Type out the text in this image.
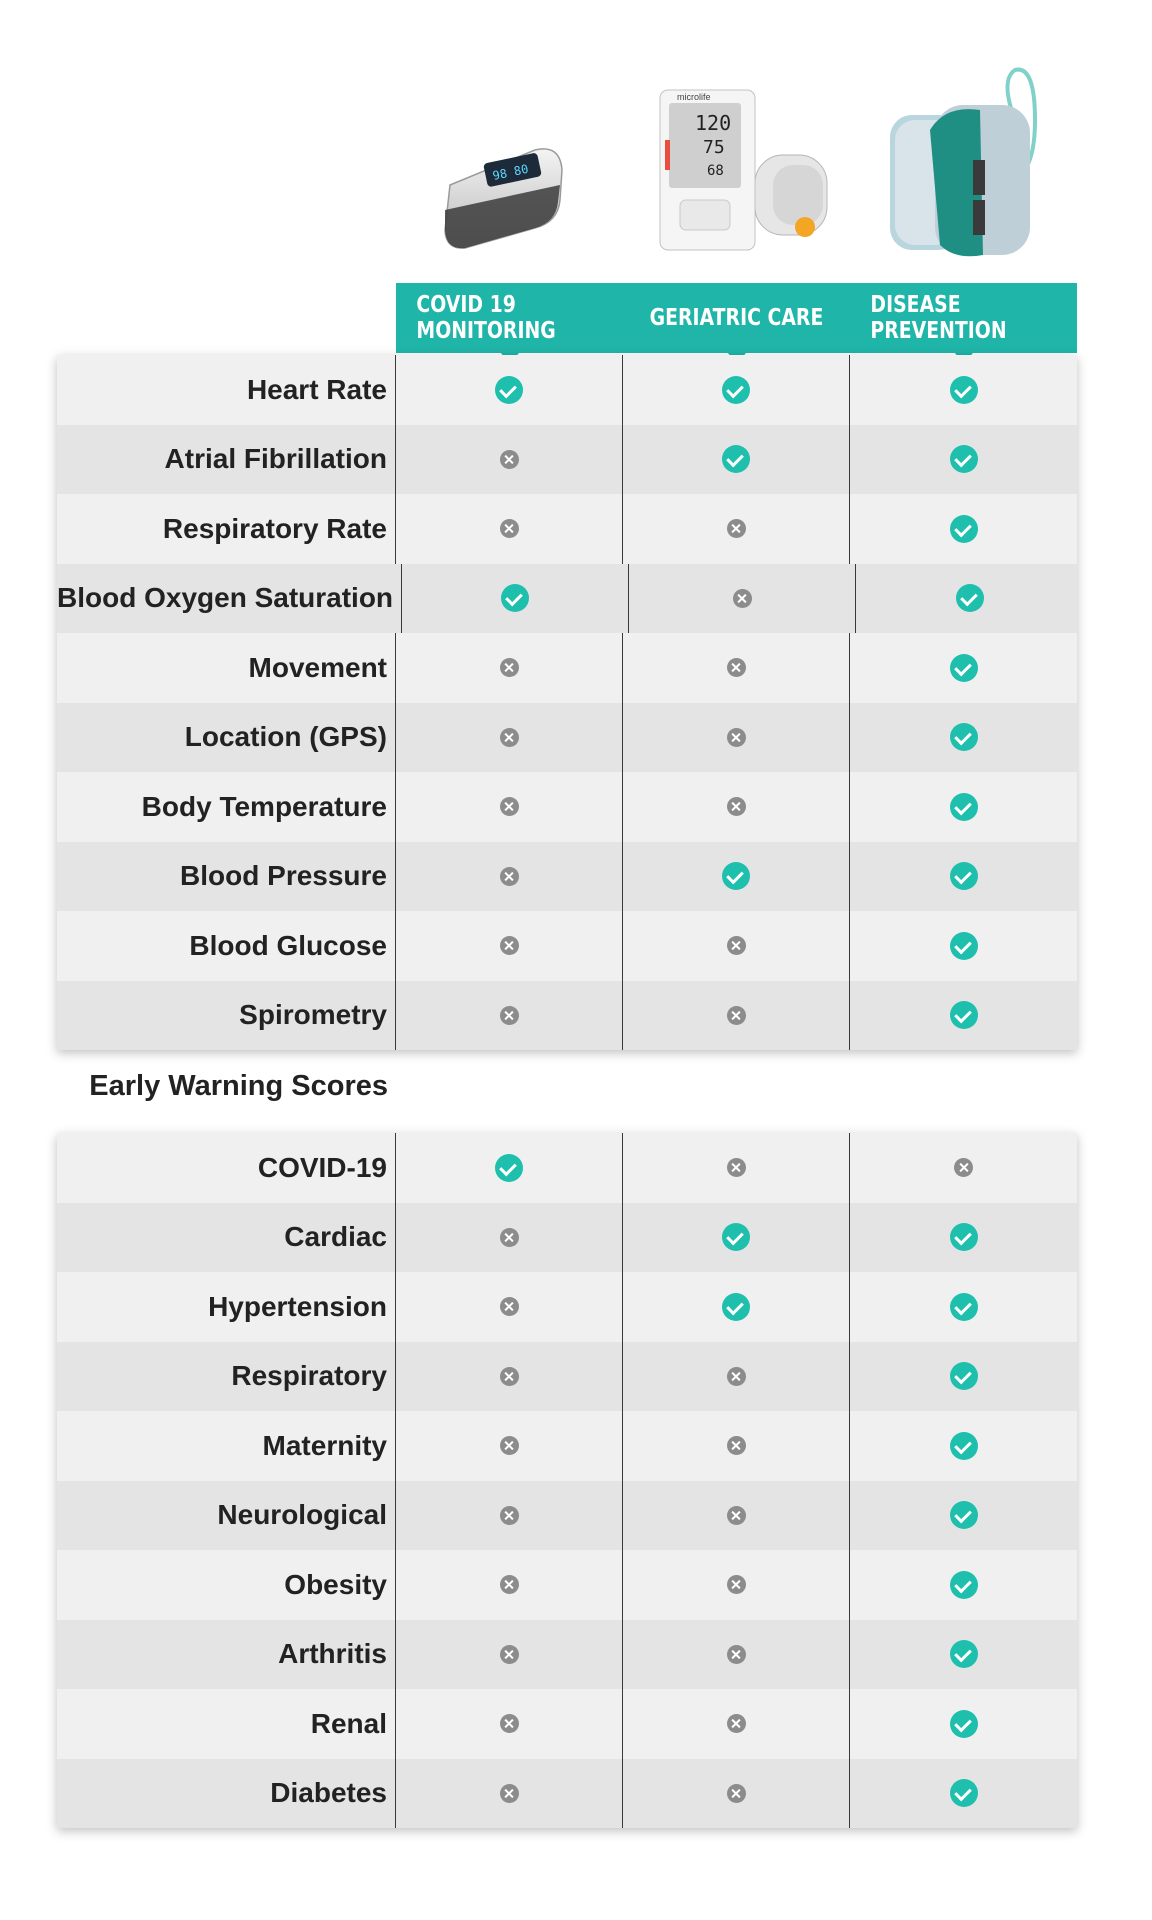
98 80
microlife
120
75
68
COVID 19 MONITORING	GERIATRIC CARE DISEASE PREVENTION
Heart Rate
Atrial Fibrillation
Respiratory Rate
Blood Oxygen Saturation
Movement
Location (GPS)
Body Temperature
Blood Pressure
Blood Glucose
Spirometry
Early Warning Scores
COVID-19
Cardiac
Hypertension
Respiratory
Maternity
Neurological
Obesity
Arthritis
Renal
Diabetes
